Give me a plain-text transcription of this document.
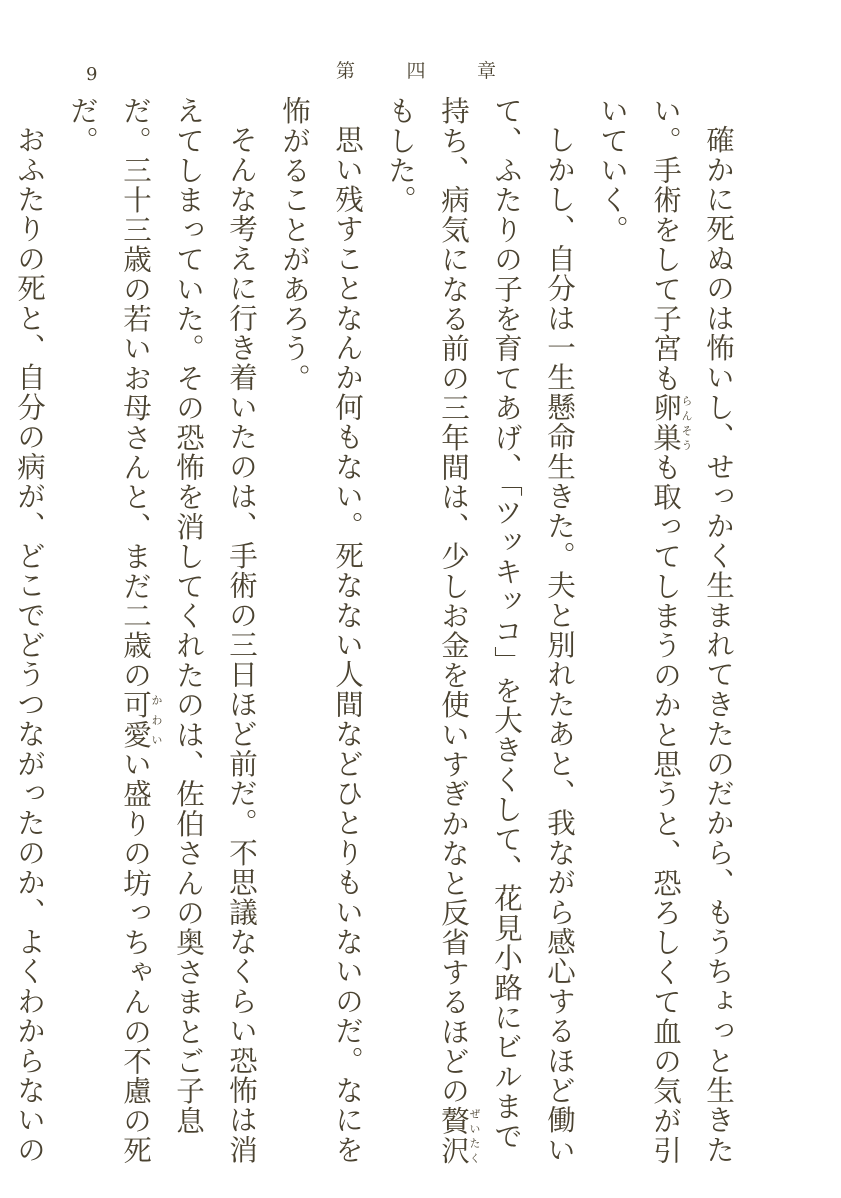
9	第	四	章

確かに死ぬのは怖いし、せっかく生まれてきたのだから、もうちょっと生きたい。手術をして子宮も卵巣らんそうも取ってしまうのかと思うと、恐ろしくて血の気が引いていく。

しかし、自分は一生懸命生きた。夫と別れたあと、我ながら感心するほど働いて、ふたりの子を育てあげ、「ツッキッコ」を大きくして、花見小路にビルまで持ち、病気になる前の三年間は、少しお金を使いすぎかなと反省するほどの贅沢ぜいたくもした。

思い残すことなんか何もない。死なない人間などひとりもいないのだ。なにを怖がることがあろう。

そんな考えに行き着いたのは、手術の三日ほど前だ。不思議なくらい恐怖は消えてしまっていた。その恐怖を消してくれたのは、佐伯さんの奥さまとご子息だ。三十三歳の若いお母さんと、まだ二歳の可愛かわいい盛りの坊っちゃんの不慮の死だ。

おふたりの死と、自分の病が、どこでどうつながったのか、よくわからないの
